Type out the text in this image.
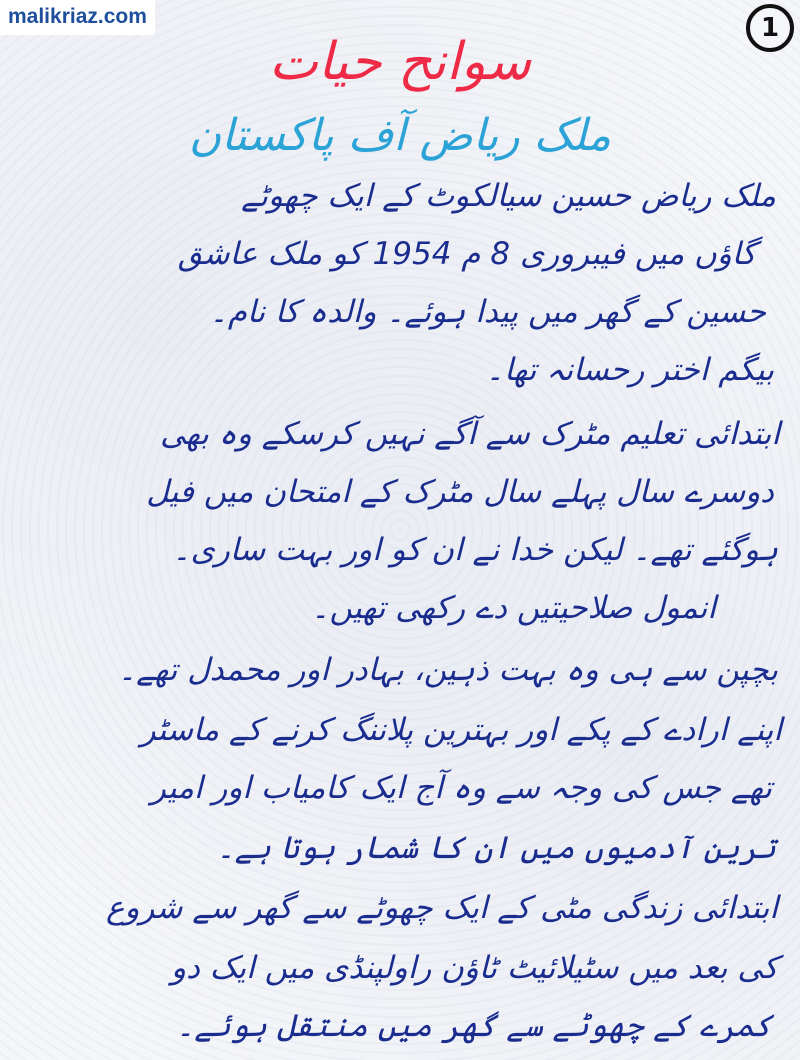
malikriaz.com	1
سوانح حیات
ملک ریاض آف پاکستان
ملک ریاض حسین سیالکوٹ کے ایک چھوٹے
گاؤں میں فیبروری 8 م 1954 کو ملک عاشق
حسین کے گھر میں پیدا ہوئے۔ والدہ کا نام۔
بیگم اختر رحسانہ تھا۔
ابتدائی تعلیم مٹرک سے آگے نہیں کرسکے وہ بھی
دوسرے سال پہلے سال مٹرک کے امتحان میں فیل
ہوگئے تھے۔ لیکن خدا نے ان کو اور بہت ساری۔
انمول صلاحیتیں دے رکھی تھیں۔
بچپن سے ہی وہ بہت ذہین، بہادر اور محمدل تھے۔
اپنے ارادے کے پکے اور بہترین پلاننگ کرنے کے ماسٹر
تھے جس کی وجہ سے وہ آج ایک کامیاب اور امیر
ترین آدمیوں میں ان کا شمار ہوتا ہے۔
ابتدائی زندگی مٹی کے ایک چھوٹے سے گھر سے شروع
کی بعد میں سٹیلائیٹ ٹاؤن راولپنڈی میں ایک دو
کمرے کے چھوٹے سے گھر میں منتقل ہوئے۔
